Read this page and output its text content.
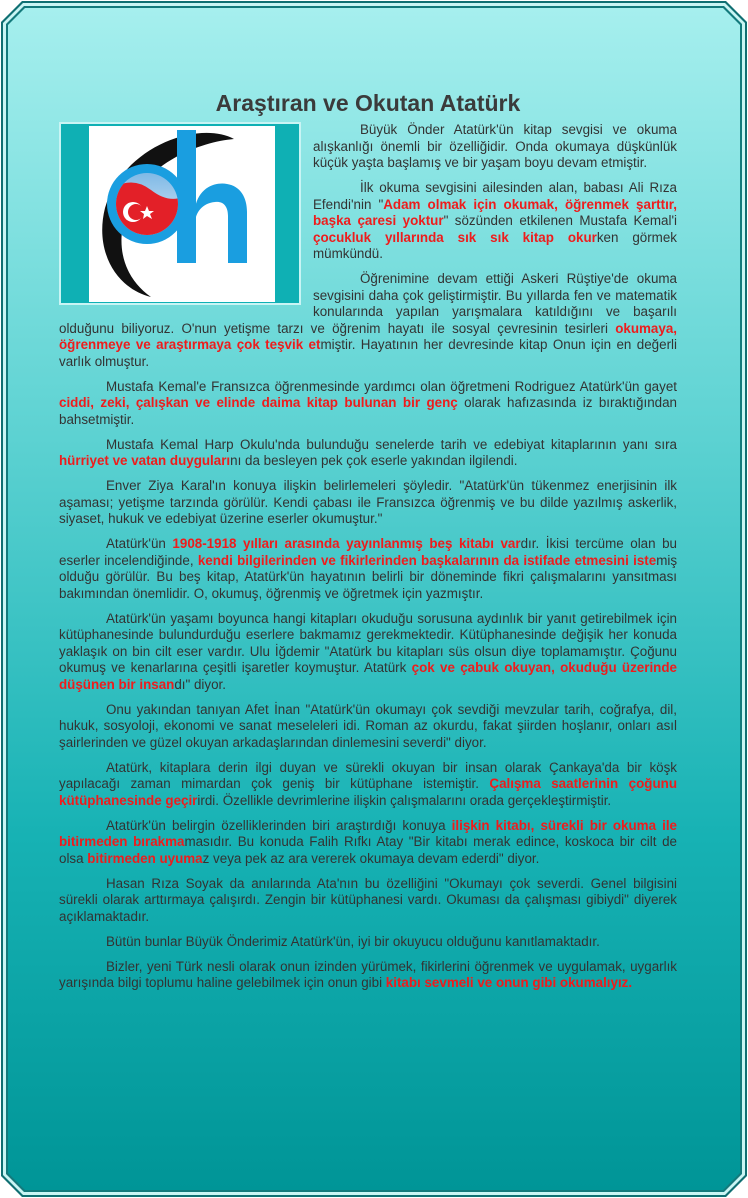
Araştıran ve Okutan Atatürk

Büyük Önder Atatürk'ün kitap sevgisi ve okuma alışkanlığı önemli bir özelliğidir. Onda okumaya düşkünlük küçük yaşta başlamış ve bir yaşam boyu devam etmiştir.

İlk okuma sevgisini ailesinden alan, babası Ali Rıza Efendi'nin "Adam olmak için okumak, öğrenmek şarttır, başka çaresi yoktur" sözünden etkilenen Mustafa Kemal'i çocukluk yıllarında sık sık kitap okurken görmek mümkündü.

Öğrenimine devam ettiği Askeri Rüştiye'de okuma sevgisini daha çok geliştirmiştir. Bu yıllarda fen ve matematik konularında yapılan yarışmalara katıldığını ve başarılı olduğunu biliyoruz. O'nun yetişme tarzı ve öğrenim hayatı ile sosyal çevresinin tesirleri okumaya, öğrenmeye ve araştırmaya çok teşvik etmiştir. Hayatının her devresinde kitap Onun için en değerli varlık olmuştur.

Mustafa Kemal'e Fransızca öğrenmesinde yardımcı olan öğretmeni Rodriguez Atatürk'ün gayet ciddi, zeki, çalışkan ve elinde daima kitap bulunan bir genç olarak hafızasında iz bıraktığından bahsetmiştir.

Mustafa Kemal Harp Okulu'nda bulunduğu senelerde tarih ve edebiyat kitaplarının yanı sıra hürriyet ve vatan duygularını da besleyen pek çok eserle yakından ilgilendi.

Enver Ziya Karal'ın konuya ilişkin belirlemeleri şöyledir. "Atatürk'ün tükenmez enerjisinin ilk aşaması; yetişme tarzında görülür. Kendi çabası ile Fransızca öğrenmiş ve bu dilde yazılmış askerlik, siyaset, hukuk ve edebiyat üzerine eserler okumuştur."

Atatürk'ün 1908-1918 yılları arasında yayınlanmış beş kitabı vardır. İkisi tercüme olan bu eserler incelendiğinde, kendi bilgilerinden ve fikirlerinden başkalarının da istifade etmesini istemiş olduğu görülür. Bu beş kitap, Atatürk'ün hayatının belirli bir döneminde fikri çalışmalarını yansıtması bakımından önemlidir. O, okumuş, öğrenmiş ve öğretmek için yazmıştır.

Atatürk'ün yaşamı boyunca hangi kitapları okuduğu sorusuna aydınlık bir yanıt getirebilmek için kütüphanesinde bulundurduğu eserlere bakmamız gerekmektedir. Kütüphanesinde değişik her konuda yaklaşık on bin cilt eser vardır. Ulu İğdemir "Atatürk bu kitapları süs olsun diye toplamamıştır. Çoğunu okumuş ve kenarlarına çeşitli işaretler koymuştur. Atatürk çok ve çabuk okuyan, okuduğu üzerinde düşünen bir insandı" diyor.

Onu yakından tanıyan Afet İnan "Atatürk'ün okumayı çok sevdiği mevzular tarih, coğrafya, dil, hukuk, sosyoloji, ekonomi ve sanat meseleleri idi. Roman az okurdu, fakat şiirden hoşlanır, onları asıl şairlerinden ve güzel okuyan arkadaşlarından dinlemesini severdi" diyor.

Atatürk, kitaplara derin ilgi duyan ve sürekli okuyan bir insan olarak Çankaya'da bir köşk yapılacağı zaman mimardan çok geniş bir kütüphane istemiştir. Çalışma saatlerinin çoğunu kütüphanesinde geçirirdi. Özellikle devrimlerine ilişkin çalışmalarını orada gerçekleştirmiştir.

Atatürk'ün belirgin özelliklerinden biri araştırdığı konuya ilişkin kitabı, sürekli bir okuma ile bitirmeden bırakmamasıdır. Bu konuda Falih Rıfkı Atay "Bir kitabı merak edince, koskoca bir cilt de olsa bitirmeden uyumaz veya pek az ara vererek okumaya devam ederdi" diyor.

Hasan Rıza Soyak da anılarında Ata'nın bu özelliğini "Okumayı çok severdi. Genel bilgisini sürekli olarak arttırmaya çalışırdı. Zengin bir kütüphanesi vardı. Okuması da çalışması gibiydi" diyerek açıklamaktadır.

Bütün bunlar Büyük Önderimiz Atatürk'ün, iyi bir okuyucu olduğunu kanıtlamaktadır.

Bizler, yeni Türk nesli olarak onun izinden yürümek, fikirlerini öğrenmek ve uygulamak, uygarlık yarışında bilgi toplumu haline gelebilmek için onun gibi kitabı sevmeli ve onun gibi okumalıyız.
